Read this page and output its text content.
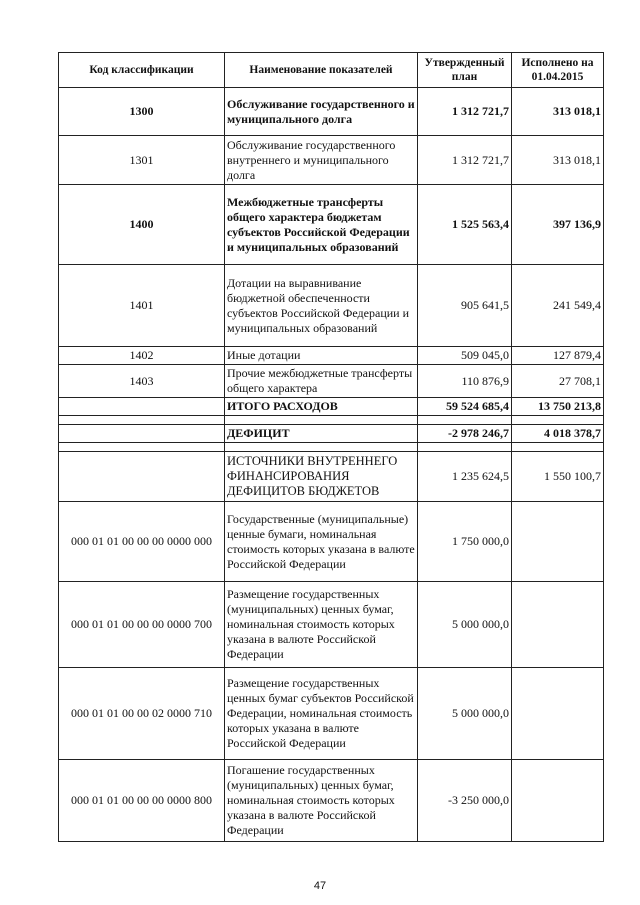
Код классификации	Наименование показателей	Утвержденный план	Исполнено на 01.04.2015
1300	Обслуживание государственного и муниципального долга	1 312 721,7	313 018,1
1301	Обслуживание государственного внутреннего и муниципального долга	1 312 721,7	313 018,1
1400	Межбюджетные трансферты общего характера бюджетам субъектов Российской Федерации и муниципальных образований	1 525 563,4	397 136,9
1401	Дотации на выравнивание бюджетной обеспеченности субъектов Российской Федерации и муниципальных образований	905 641,5	241 549,4
1402	Иные дотации	509 045,0	127 879,4
1403	Прочие межбюджетные трансферты общего характера	110 876,9	27 708,1
	ИТОГО РАСХОДОВ	59 524 685,4	13 750 213,8

	ДЕФИЦИТ	-2 978 246,7	4 018 378,7

	ИСТОЧНИКИ ВНУТРЕННЕГО ФИНАНСИРОВАНИЯ ДЕФИЦИТОВ БЮДЖЕТОВ	1 235 624,5	1 550 100,7
000 01 01 00 00 00 0000 000	Государственные (муниципальные) ценные бумаги, номинальная стоимость которых указана в валюте Российской Федерации	1 750 000,0	
000 01 01 00 00 00 0000 700	Размещение государственных (муниципальных) ценных бумаг, номинальная стоимость которых указана в валюте Российской Федерации	5 000 000,0	
000 01 01 00 00 02 0000 710	Размещение государственных ценных бумаг субъектов Российской Федерации, номинальная стоимость которых указана в валюте Российской Федерации	5 000 000,0	
000 01 01 00 00 00 0000 800	Погашение государственных (муниципальных) ценных бумаг, номинальная стоимость которых указана в валюте Российской Федерации	-3 250 000,0	
47
